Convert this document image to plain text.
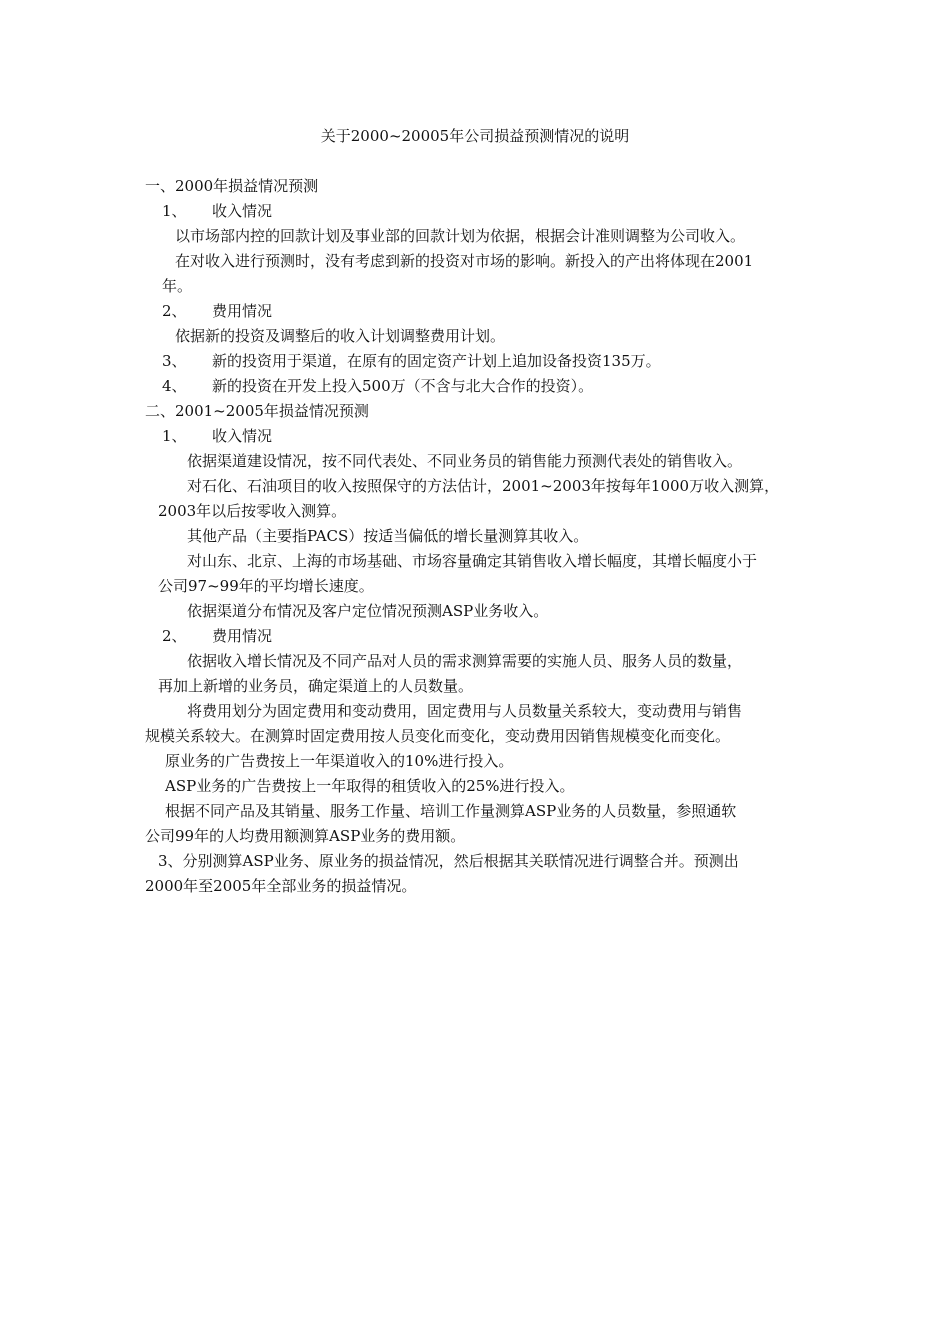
关于2000~20005年公司损益预测情况的说明
一、2000年损益情况预测
1、 收入情况
以市场部内控的回款计划及事业部的回款计划为依据，根据会计准则调整为公司收入。
在对收入进行预测时，没有考虑到新的投资对市场的影响。新投入的产出将体现在2001
年。
2、 费用情况
依据新的投资及调整后的收入计划调整费用计划。
3、 新的投资用于渠道，在原有的固定资产计划上追加设备投资135万。
4、 新的投资在开发上投入500万（不含与北大合作的投资）。
二、2001~2005年损益情况预测
1、 收入情况
依据渠道建设情况，按不同代表处、不同业务员的销售能力预测代表处的销售收入。
对石化、石油项目的收入按照保守的方法估计，2001~2003年按每年1000万收入测算，
2003年以后按零收入测算。
其他产品（主要指PACS）按适当偏低的增长量测算其收入。
对山东、北京、上海的市场基础、市场容量确定其销售收入增长幅度，其增长幅度小于
公司97~99年的平均增长速度。
依据渠道分布情况及客户定位情况预测ASP业务收入。
2、 费用情况
依据收入增长情况及不同产品对人员的需求测算需要的实施人员、服务人员的数量，
再加上新增的业务员，确定渠道上的人员数量。
将费用划分为固定费用和变动费用，固定费用与人员数量关系较大，变动费用与销售
规模关系较大。在测算时固定费用按人员变化而变化，变动费用因销售规模变化而变化。
原业务的广告费按上一年渠道收入的10%进行投入。
ASP业务的广告费按上一年取得的租赁收入的25%进行投入。
根据不同产品及其销量、服务工作量、培训工作量测算ASP业务的人员数量，参照通软
公司99年的人均费用额测算ASP业务的费用额。
3、分别测算ASP业务、原业务的损益情况，然后根据其关联情况进行调整合并。预测出
2000年至2005年全部业务的损益情况。
